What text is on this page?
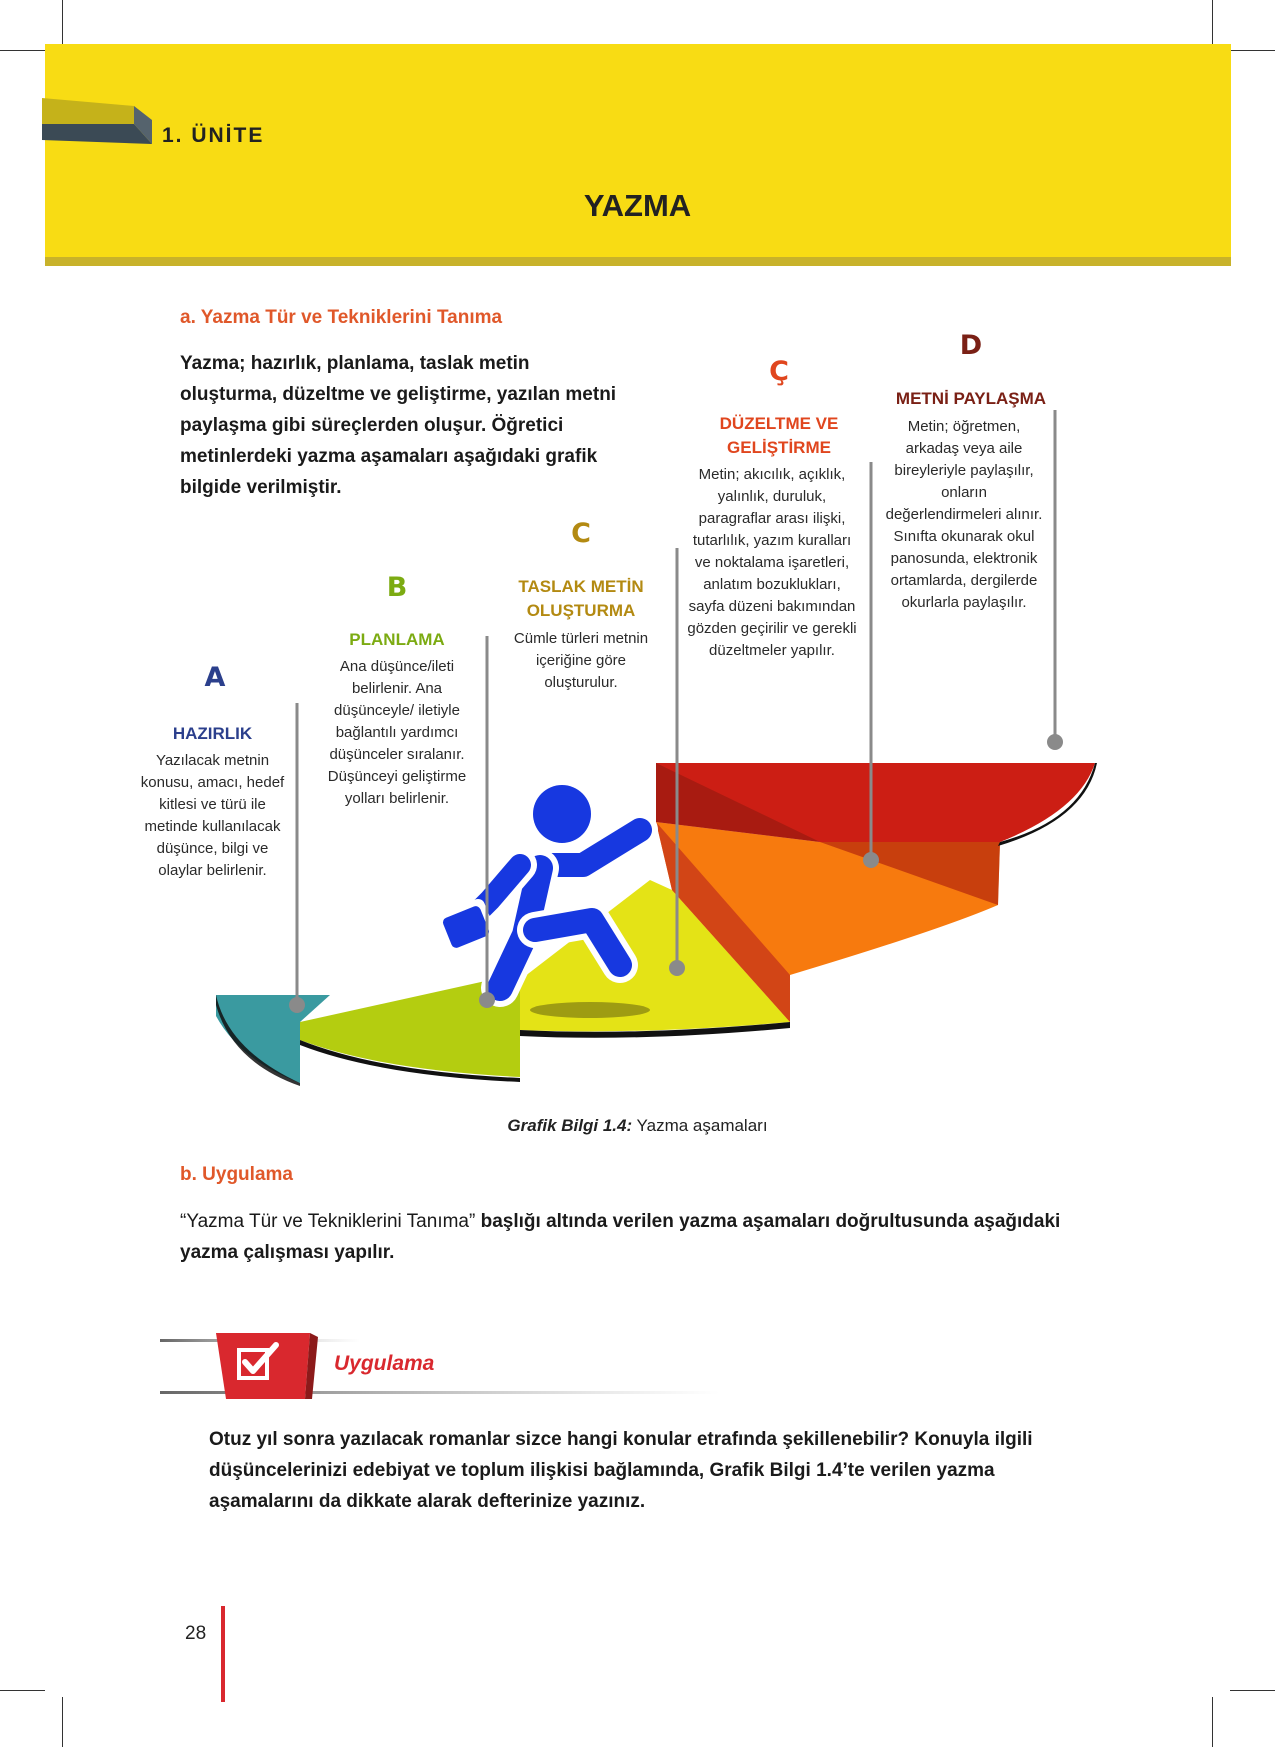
1. ÜNİTE
YAZMA
a. Yazma Tür ve Tekniklerini Tanıma
Yazma; hazırlık, planlama, taslak metin oluşturma, düzeltme ve geliştirme, yazılan metni paylaşma gibi süreçlerden oluşur. Öğretici metinlerdeki yazma aşamaları aşağıdaki grafik bilgide verilmiştir.
A
HAZIRLIK
Yazılacak metnin konusu, amacı, hedef kitlesi ve türü ile metinde kullanılacak düşünce, bilgi ve olaylar belirlenir.
B
PLANLAMA
Ana düşünce/ileti belirlenir. Ana düşünceyle/ iletiyle bağlantılı yardımcı düşünceler sıralanır. Düşünceyi geliştirme yolları belirlenir.
C
TASLAK METİN OLUŞTURMA
Cümle türleri metnin içeriğine göre oluşturulur.
Ç
DÜZELTME VE GELİŞTİRME
Metin; akıcılık, açıklık, yalınlık, duruluk, paragraflar arası ilişki, tutarlılık, yazım kuralları ve noktalama işaretleri, anlatım bozuklukları, sayfa düzeni bakımından gözden geçirilir ve gerekli düzeltmeler yapılır.
D
METNİ PAYLAŞMA
Metin; öğretmen, arkadaş veya aile bireyleriyle paylaşılır, onların değerlendirmeleri alınır. Sınıfta okunarak okul panosunda, elektronik ortamlarda, dergilerde okurlarla paylaşılır.
Grafik Bilgi 1.4: Yazma aşamaları
b. Uygulama
“Yazma Tür ve Tekniklerini Tanıma” başlığı altında verilen yazma aşamaları doğrultusunda aşağıdaki yazma çalışması yapılır.
Uygulama
Otuz yıl sonra yazılacak romanlar sizce hangi konular etrafında şekillenebilir? Konuyla ilgili düşüncelerinizi edebiyat ve toplum ilişkisi bağlamında, Grafik Bilgi 1.4’te verilen yazma aşamalarını da dikkate alarak defterinize yazınız.
28
